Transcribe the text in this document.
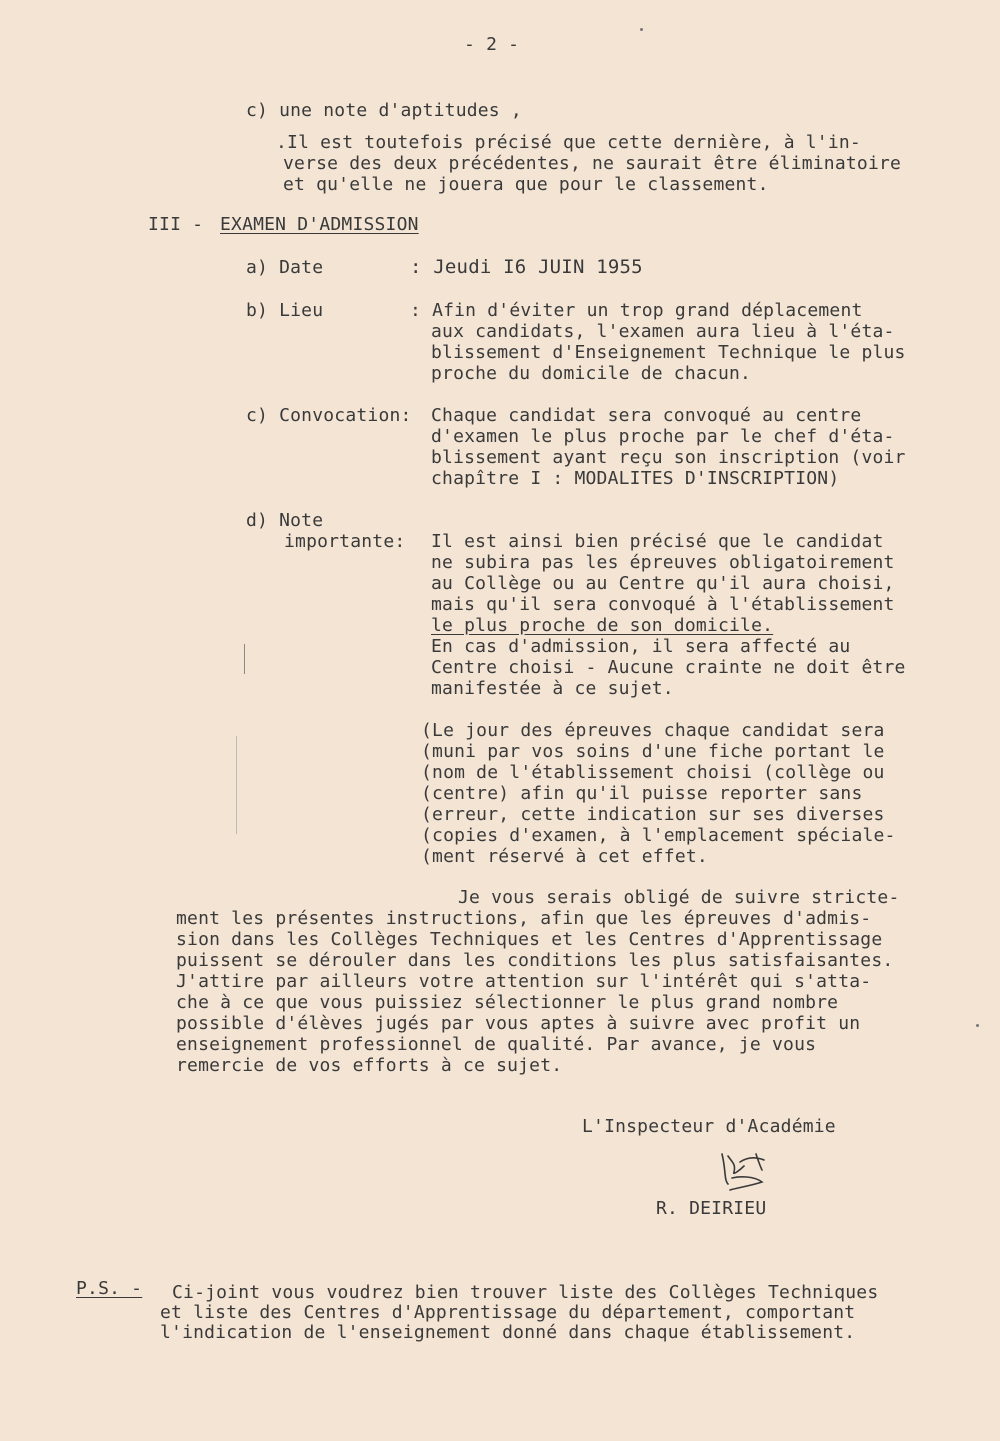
- 2 -
c) une note d'aptitudes ,
.Il est toutefois précisé que cette dernière, à l'in-
verse des deux précédentes, ne saurait être éliminatoire
et qu'elle ne jouera que pour le classement.
III - EXAMEN D'ADMISSION
a) Date	: Jeudi I6 JUIN 1955
b) Lieu	: Afin d'éviter un trop grand déplacement
aux candidats, l'examen aura lieu à l'éta-
blissement d'Enseignement Technique le plus
proche du domicile de chacun.
c) Convocation: Chaque candidat sera convoqué au centre
d'examen le plus proche par le chef d'éta-
blissement ayant reçu son inscription (voir
chapître I : MODALITES D'INSCRIPTION)
d) Note
importante: Il est ainsi bien précisé que le candidat
ne subira pas les épreuves obligatoirement
au Collège ou au Centre qu'il aura choisi,
mais qu'il sera convoqué à l'établissement
le plus proche de son domicile.
En cas d'admission, il sera affecté au
Centre choisi - Aucune crainte ne doit être
manifestée à ce sujet.
(Le jour des épreuves chaque candidat sera
(muni par vos soins d'une fiche portant le
(nom de l'établissement choisi (collège ou
(centre) afin qu'il puisse reporter sans
(erreur, cette indication sur ses diverses
(copies d'examen, à l'emplacement spéciale-
(ment réservé à cet effet.
Je vous serais obligé de suivre stricte-
ment les présentes instructions, afin que les épreuves d'admis-
sion dans les Collèges Techniques et les Centres d'Apprentissage
puissent se dérouler dans les conditions les plus satisfaisantes.
J'attire par ailleurs votre attention sur l'intérêt qui s'atta-
che à ce que vous puissiez sélectionner le plus grand nombre
possible d'élèves jugés par vous aptes à suivre avec profit un
enseignement professionnel de qualité. Par avance, je vous
remercie de vos efforts à ce sujet.
L'Inspecteur d'Académie
R. DEIRIEU
P.S. - Ci-joint vous voudrez bien trouver liste des Collèges Techniques
et liste des Centres d'Apprentissage du département, comportant
l'indication de l'enseignement donné dans chaque établissement.
